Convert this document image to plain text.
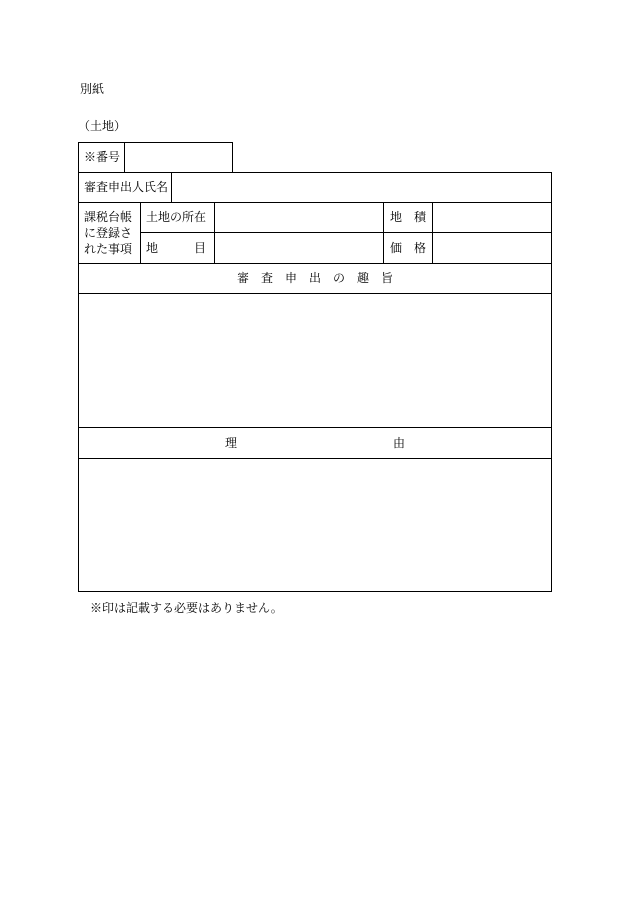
別紙
（土地）
※番号
審査申出人氏名
課税台帳
に登録さ
れた事項
土地の所在	地　積
地　　　目	価　格
審　査　申　出　の　趣　旨
理　　　　　　　　　　　　　由
※印は記載する必要はありません。
